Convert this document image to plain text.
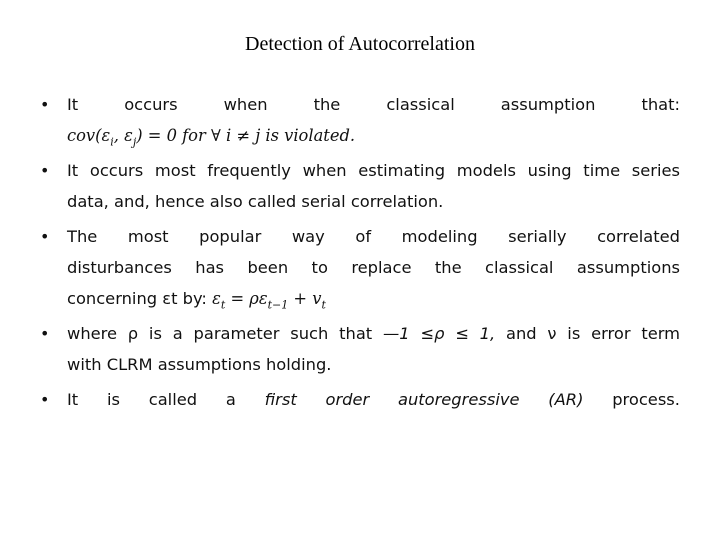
Detection of Autocorrelation
• It occurs when the classical assumption that:
$cov(\varepsilon_i$, $\varepsilon_j) = 0$ for ∀ i ≠ j is violated.
• It occurs most frequently when estimating models using time series
data, and, hence also called serial correlation.
• The most popular way of modeling serially correlated
disturbances has been to replace the classical assumptions
concerning εt by: $\varepsilon_t = \rho\varepsilon_{t-1} + v_t$
• where ρ is a parameter such that —1 ≤ρ ≤ 1, and ν is error term
with CLRM assumptions holding.
• It is called a first order autoregressive (AR) process.
